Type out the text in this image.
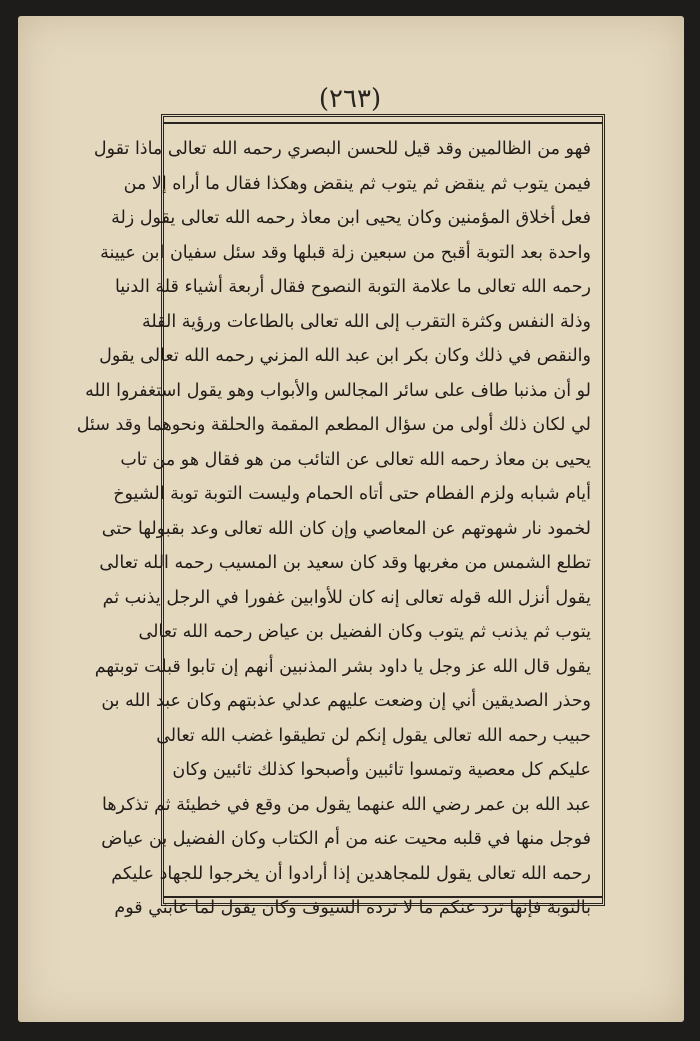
(٢٦٣)
فهو من الظالمين وقد قيل للحسن البصري رحمه الله تعالى ماذا تقول
فيمن يتوب ثم ينقض ثم يتوب ثم ينقض وهكذا فقال ما أراه إلا من
فعل أخلاق المؤمنين وكان يحيى ابن معاذ رحمه الله تعالى يقول زلة
واحدة بعد التوبة أقبح من سبعين زلة قبلها وقد سئل سفيان ابن عيينة
رحمه الله تعالى ما علامة التوبة النصوح فقال أربعة أشياء قلة الدنيا
وذلة النفس وكثرة التقرب إلى الله تعالى بالطاعات ورؤية القلة
والنقص في ذلك وكان بكر ابن عبد الله المزني رحمه الله تعالى يقول
لو أن مذنبا طاف على سائر المجالس والأبواب وهو يقول استغفروا الله
لي لكان ذلك أولى من سؤال المطعم المقمة والحلقة ونحوهما وقد سئل
يحيى بن معاذ رحمه الله تعالى عن التائب من هو فقال هو من تاب
أيام شبابه ولزم الفطام حتى أتاه الحمام وليست التوبة توبة الشيوخ
لخمود نار شهوتهم عن المعاصي وإن كان الله تعالى وعد بقبولها حتى
تطلع الشمس من مغربها وقد كان سعيد بن المسيب رحمه الله تعالى
يقول أنزل الله قوله تعالى إنه كان للأوابين غفورا في الرجل يذنب ثم
يتوب ثم يذنب ثم يتوب وكان الفضيل بن عياض رحمه الله تعالى
يقول قال الله عز وجل يا داود بشر المذنبين أنهم إن تابوا قبلت توبتهم
وحذر الصديقين أني إن وضعت عليهم عدلي عذبتهم وكان عبد الله بن
حبيب رحمه الله تعالى يقول إنكم لن تطيقوا غضب الله تعالى
عليكم كل معصية وتمسوا تائبين وأصبحوا كذلك تائبين وكان
عبد الله بن عمر رضي الله عنهما يقول من وقع في خطيئة ثم تذكرها
فوجل منها في قلبه محيت عنه من أم الكتاب وكان الفضيل بن عياض
رحمه الله تعالى يقول للمجاهدين إذا أرادوا أن يخرجوا للجهاد عليكم
بالتوبة فإنها ترد عنكم ما لا ترده السيوف وكان يقول لما عابني قوم
